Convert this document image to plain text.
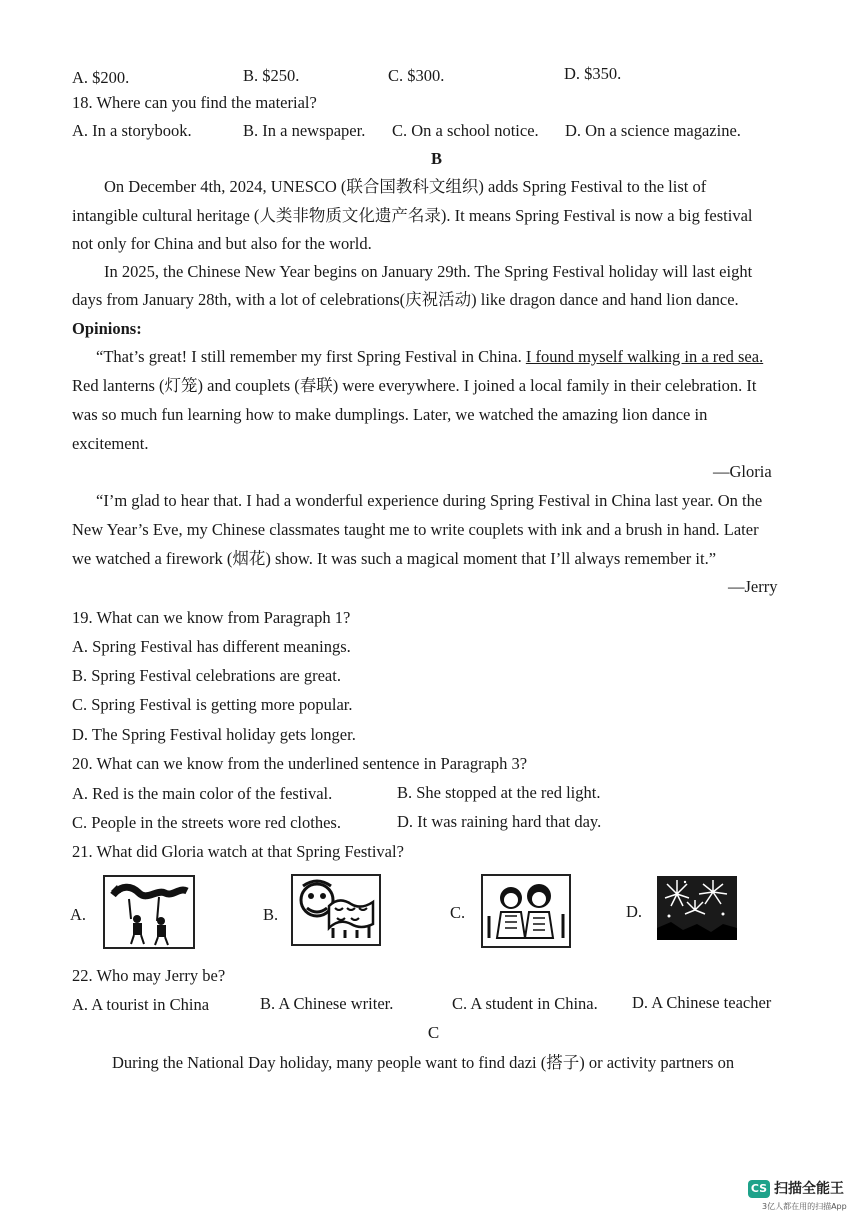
A. $200.	B. $250.	C. $300.	D. $350.
18. Where can you find the material?
A. In a storybook.	B. In a newspaper. C. On a school notice. D. On a science magazine.
B
On December 4th, 2024, UNESCO (联合国教科文组织) adds Spring Festival to the list of
intangible cultural heritage (人类非物质文化遗产名录). It means Spring Festival is now a big festival
not only for China and but also for the world.
In 2025, the Chinese New Year begins on January 29th. The Spring Festival holiday will last eight
days from January 28th, with a lot of celebrations(庆祝活动) like dragon dance and hand lion dance.
Opinions:
“That’s great! I still remember my first Spring Festival in China. I found myself walking in a red sea.
Red lanterns (灯笼) and couplets (春联) were everywhere. I joined a local family in their celebration. It
was so much fun learning how to make dumplings. Later, we watched the amazing lion dance in
excitement.
—Gloria
“I’m glad to hear that. I had a wonderful experience during Spring Festival in China last year. On the
New Year’s Eve, my Chinese classmates taught me to write couplets with ink and a brush in hand. Later
we watched a firework (烟花) show. It was such a magical moment that I’ll always remember it.”
—Jerry
19. What can we know from Paragraph 1?
A. Spring Festival has different meanings.
B. Spring Festival celebrations are great.
C. Spring Festival is getting more popular.
D. The Spring Festival holiday gets longer.
20. What can we know from the underlined sentence in Paragraph 3?
A. Red is the main color of the festival.	B. She stopped at the red light.
C. People in the streets wore red clothes.	D. It was raining hard that day.
21. What did Gloria watch at that Spring Festival?
A.	B.	C.	D.
22. Who may Jerry be?
A. A tourist in China	B. A Chinese writer.	C. A student in China. D. A Chinese teacher
C
During the National Day holiday, many people want to find dazi (搭子) or activity partners on
CS 扫描全能王
3亿人都在用的扫描App
